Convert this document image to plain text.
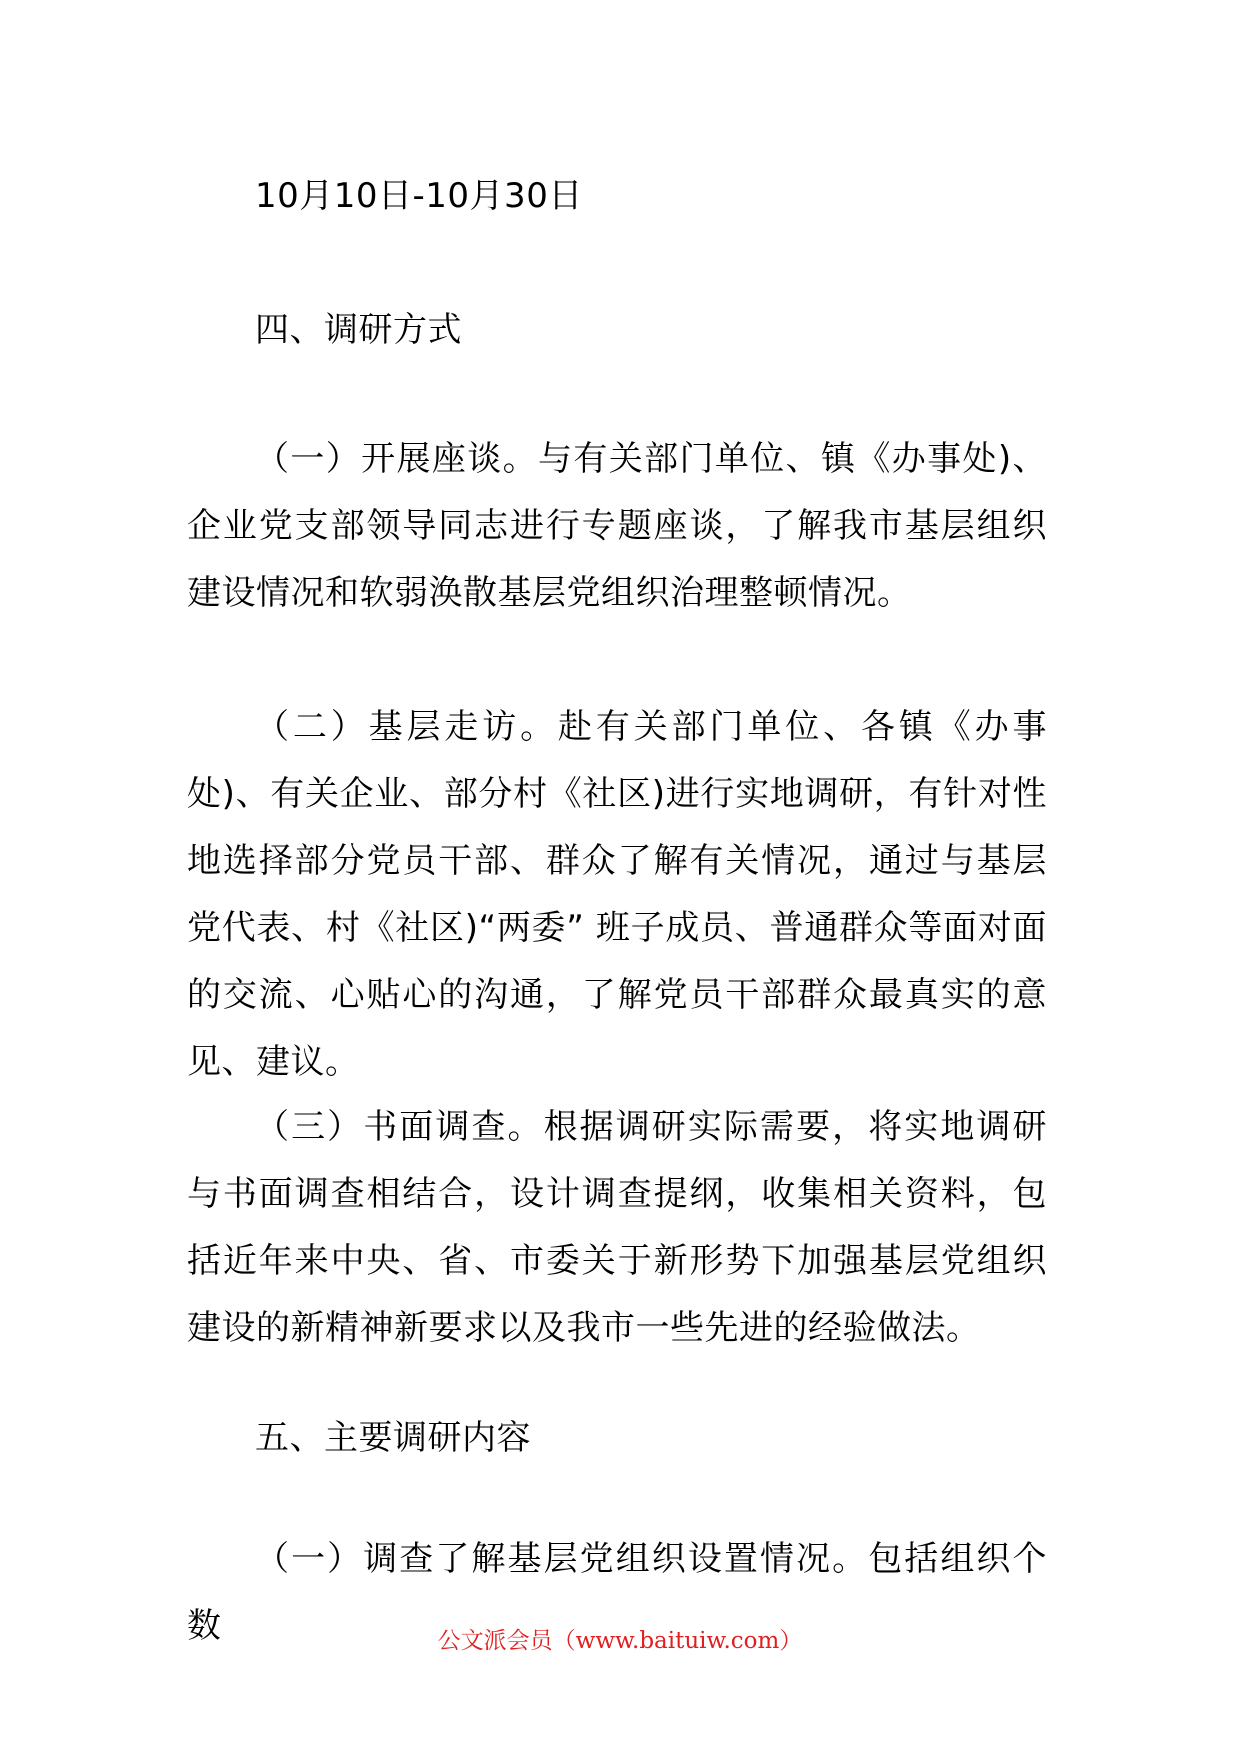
10月10日-10月30日
四、调研方式
（一）开展座谈。与有关部门单位、镇《办事处)、企业党支部领导同志进行专题座谈，了解我市基层组织建设情况和软弱涣散基层党组织治理整顿情况。
（二）基层走访。赴有关部门单位、各镇《办事处)、有关企业、部分村《社区)进行实地调研，有针对性地选择部分党员干部、群众了解有关情况，通过与基层党代表、村《社区)“两委” 班子成员、普通群众等面对面的交流、心贴心的沟通，了解党员干部群众最真实的意见、建议。
（三）书面调查。根据调研实际需要，将实地调研与书面调查相结合，设计调查提纲，收集相关资料，包括近年来中央、省、市委关于新形势下加强基层党组织建设的新精神新要求以及我市一些先进的经验做法。
五、主要调研内容
（一）调查了解基层党组织设置情况。包括组织个数	公文派会员（www.baituiw.com）
